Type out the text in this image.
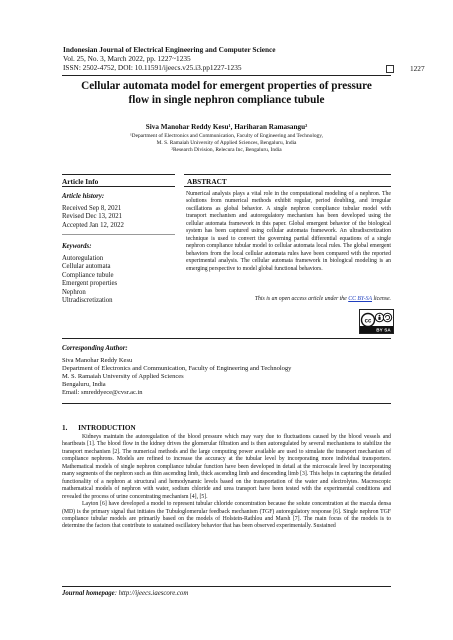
Indonesian Journal of Electrical Engineering and Computer Science
Vol. 25, No. 3, March 2022, pp. 1227~1235
ISSN: 2502-4752, DOI: 10.11591/ijeecs.v25.i3.pp1227-1235	1227
Cellular automata model for emergent properties of pressure flow in single nephron compliance tubule
Siva Manohar Reddy Kesu¹, Hariharan Ramasangu²
¹Department of Electronics and Communication, Faculty of Engineering and Technology,
M. S. Ramaiah University of Applied Sciences, Bengaluru, India
²Research Division, Relecura Inc, Bengaluru, India
Article Info	ABSTRACT
Article history:
Received Sep 8, 2021
Revised Dec 13, 2021
Accepted Jan 12, 2022
Keywords:
Autoregulation
Cellular automata
Compliance tubule
Emergent properties
Nephron
Ultradiscretization
Numerical analysis plays a vital role in the computational modeling of a nephron. The solutions from numerical methods exhibit regular, period doubling, and irregular oscillations as global behavior. A single nephron compliance tubular model with transport mechanism and autoregulatory mechanism has been developed using the cellular automata framework in this paper. Global emergent behavior of the biological system has been captured using cellular automata framework. An ultradiscretization technique is used to convert the governing partial differential equations of a single nephron compliance tubular model to cellular automata local rules. The global emergent behaviors from the local cellular automata rules have been compared with the reported experimental analysis. The cellular automata framework in biological modeling is an emerging perspective to model global functional behaviors.
This is an open access article under the CC BY-SA license.
cc
BY SA
Corresponding Author:
Siva Manohar Reddy Kesu
Department of Electronics and Communication, Faculty of Engineering and Technology
M. S. Ramaiah University of Applied Sciences
Bengaluru, India
Email: smreddyece@cvsr.ac.in
1.      INTRODUCTION

Kidneys maintain the autoregulation of the blood pressure which may vary due to fluctuations caused by the blood vessels and heartbeats [1]. The blood flow in the kidney drives the glomerular filtration and is then autoregulated by several mechanisms to stabilize the transport mechanism [2]. The numerical methods and the large computing power available are used to simulate the transport mechanism of compliance nephrons. Models are refined to increase the accuracy at the tubular level by incorporating more individual transporters. Mathematical models of single nephron compliance tubular function have been developed in detail at the microscale level by incorporating many segments of the nephron such as thin ascending limb, thick ascending limb and descending limb [3]. This helps in capturing the detailed functionality of a nephron at structural and hemodynamic levels based on the transportation of the water and electrolytes. Macroscopic mathematical models of nephron with water, sodium chloride and urea transport have been tested with the experimental conditions and revealed the process of urine concentrating mechanism [4], [5].

Layton [6] have developed a model to represent tubular chloride concentration because the solute concentration at the macula densa (MD) is the primary signal that initiates the Tubuloglomerular feedback mechanism (TGF) autoregulatory response [6]. Single nephron TGF compliance tubular models are primarily based on the models of Holstein-Rathlou and Marsh [7]. The main focus of the models is to determine the factors that contribute to sustained oscillatory behavior that has been observed experimentally. Sustained

Journal homepage: http://ijeecs.iaescore.com
